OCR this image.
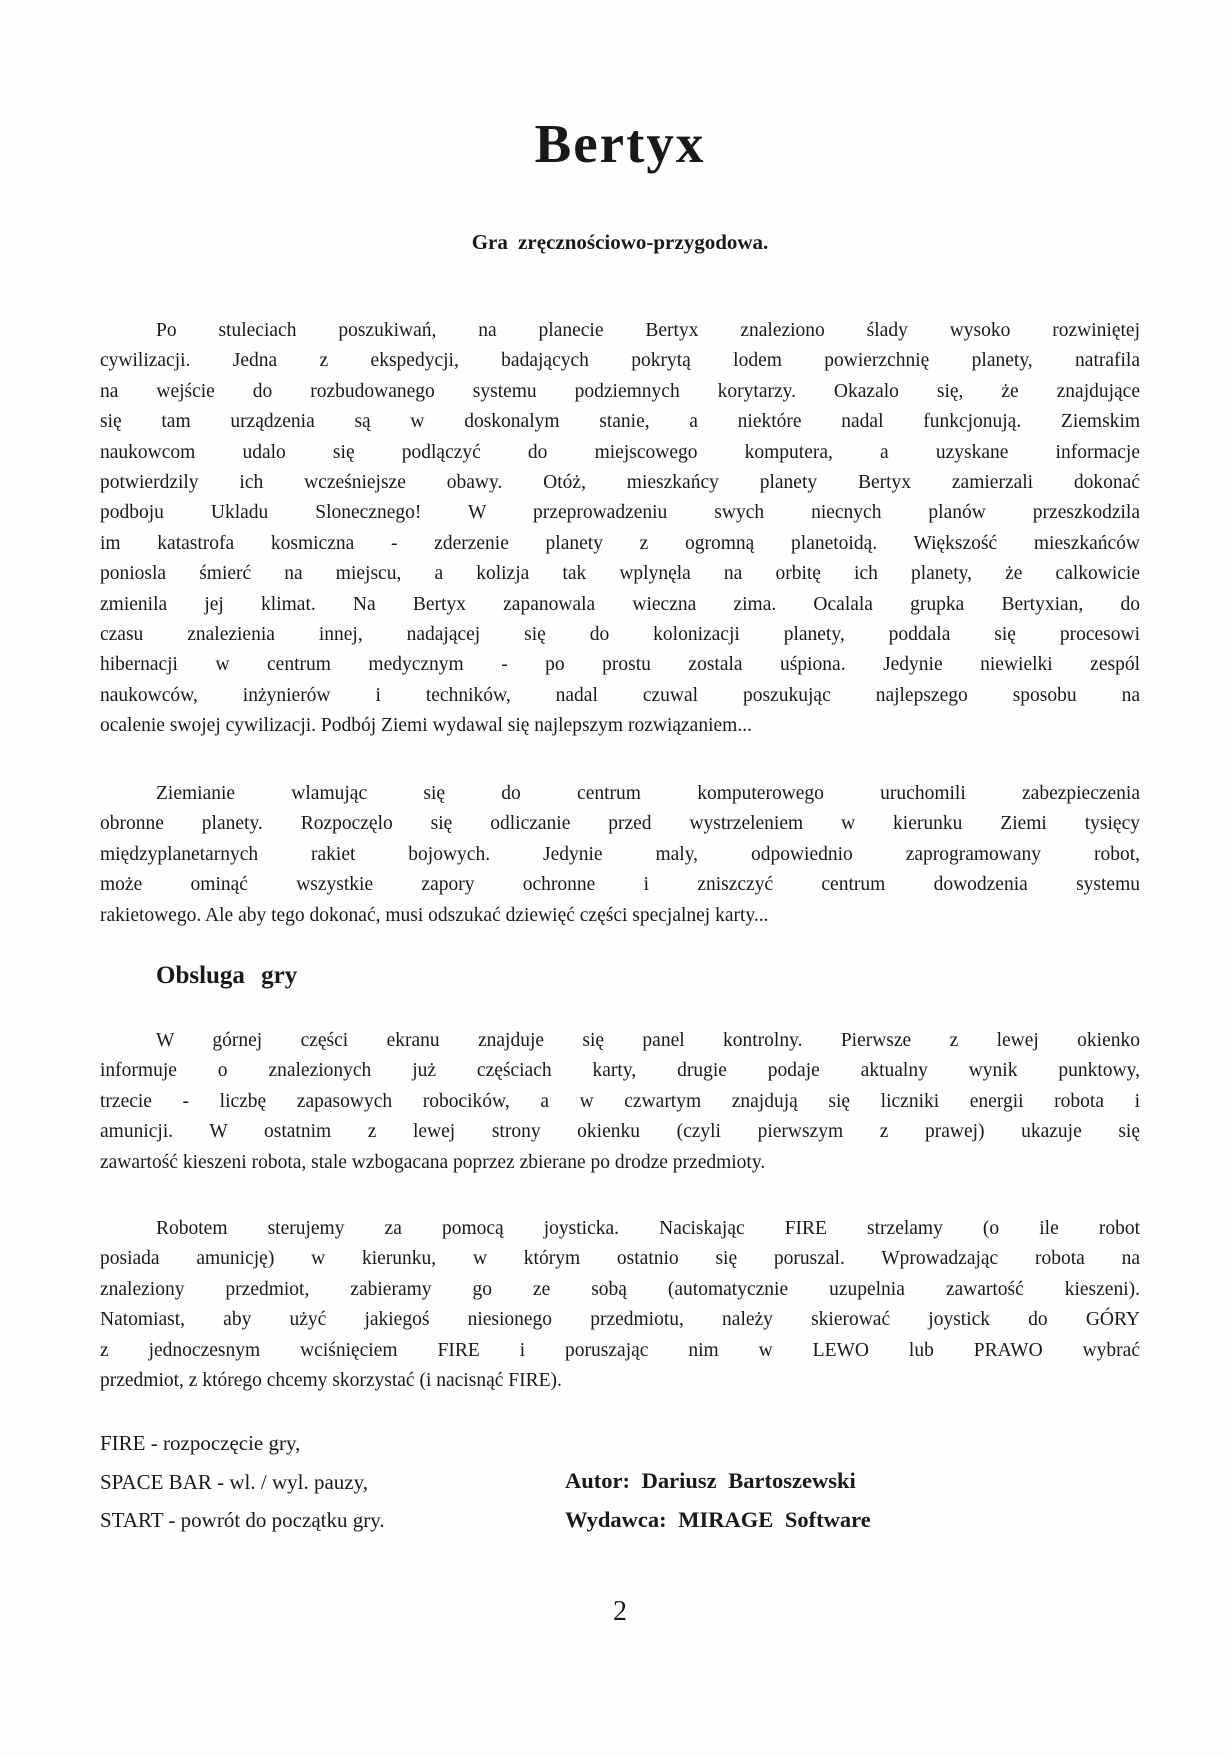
Bertyx

Gra zręcznościowo-przygodowa.

Po stuleciach poszukiwań, na planecie Bertyx znaleziono ślady wysoko rozwiniętej
cywilizacji. Jedna z ekspedycji, badających pokrytą lodem powierzchnię planety, natrafila
na wejście do rozbudowanego systemu podziemnych korytarzy. Okazalo się, że znajdujące
się tam urządzenia są w doskonalym stanie, a niektóre nadal funkcjonują. Ziemskim
naukowcom udalo się podlączyć do miejscowego komputera, a uzyskane informacje
potwierdzily ich wcześniejsze obawy. Otóż, mieszkańcy planety Bertyx zamierzali dokonać
podboju Ukladu Slonecznego! W przeprowadzeniu swych niecnych planów przeszkodzila
im katastrofa kosmiczna - zderzenie planety z ogromną planetoidą. Większość mieszkańców
poniosla śmierć na miejscu, a kolizja tak wplynęla na orbitę ich planety, że calkowicie
zmienila jej klimat. Na Bertyx zapanowala wieczna zima. Ocalala grupka Bertyxian, do
czasu znalezienia innej, nadającej się do kolonizacji planety, poddala się procesowi
hibernacji w centrum medycznym - po prostu zostala uśpiona. Jedynie niewielki zespól
naukowców, inżynierów i techników, nadal czuwal poszukując najlepszego sposobu na
ocalenie swojej cywilizacji. Podbój Ziemi wydawal się najlepszym rozwiązaniem...
Ziemianie wlamując się do centrum komputerowego uruchomili zabezpieczenia
obronne planety. Rozpoczęlo się odliczanie przed wystrzeleniem w kierunku Ziemi tysięcy
międzyplanetarnych rakiet bojowych. Jedynie maly, odpowiednio zaprogramowany robot,
może ominąć wszystkie zapory ochronne i zniszczyć centrum dowodzenia systemu
rakietowego. Ale aby tego dokonać, musi odszukać dziewięć części specjalnej karty...
Obsluga gry
W górnej części ekranu znajduje się panel kontrolny. Pierwsze z lewej okienko
informuje o znalezionych już częściach karty, drugie podaje aktualny wynik punktowy,
trzecie - liczbę zapasowych robocików, a w czwartym znajdują się liczniki energii robota i
amunicji. W ostatnim z lewej strony okienku (czyli pierwszym z prawej) ukazuje się
zawartość kieszeni robota, stale wzbogacana poprzez zbierane po drodze przedmioty.
Robotem sterujemy za pomocą joysticka. Naciskając FIRE strzelamy (o ile robot
posiada amunicję) w kierunku, w którym ostatnio się poruszal. Wprowadzając robota na
znaleziony przedmiot, zabieramy go ze sobą (automatycznie uzupelnia zawartość kieszeni).
Natomiast, aby użyć jakiegoś niesionego przedmiotu, należy skierować joystick do GÓRY
z jednoczesnym wciśnięciem FIRE i poruszając nim w LEWO lub PRAWO wybrać
przedmiot, z którego chcemy skorzystać (i nacisnąć FIRE).
FIRE - rozpoczęcie gry,
SPACE BAR - wl. / wyl. pauzy,
START - powrót do początku gry.
Autor: Dariusz Bartoszewski
Wydawca: MIRAGE Software
2
